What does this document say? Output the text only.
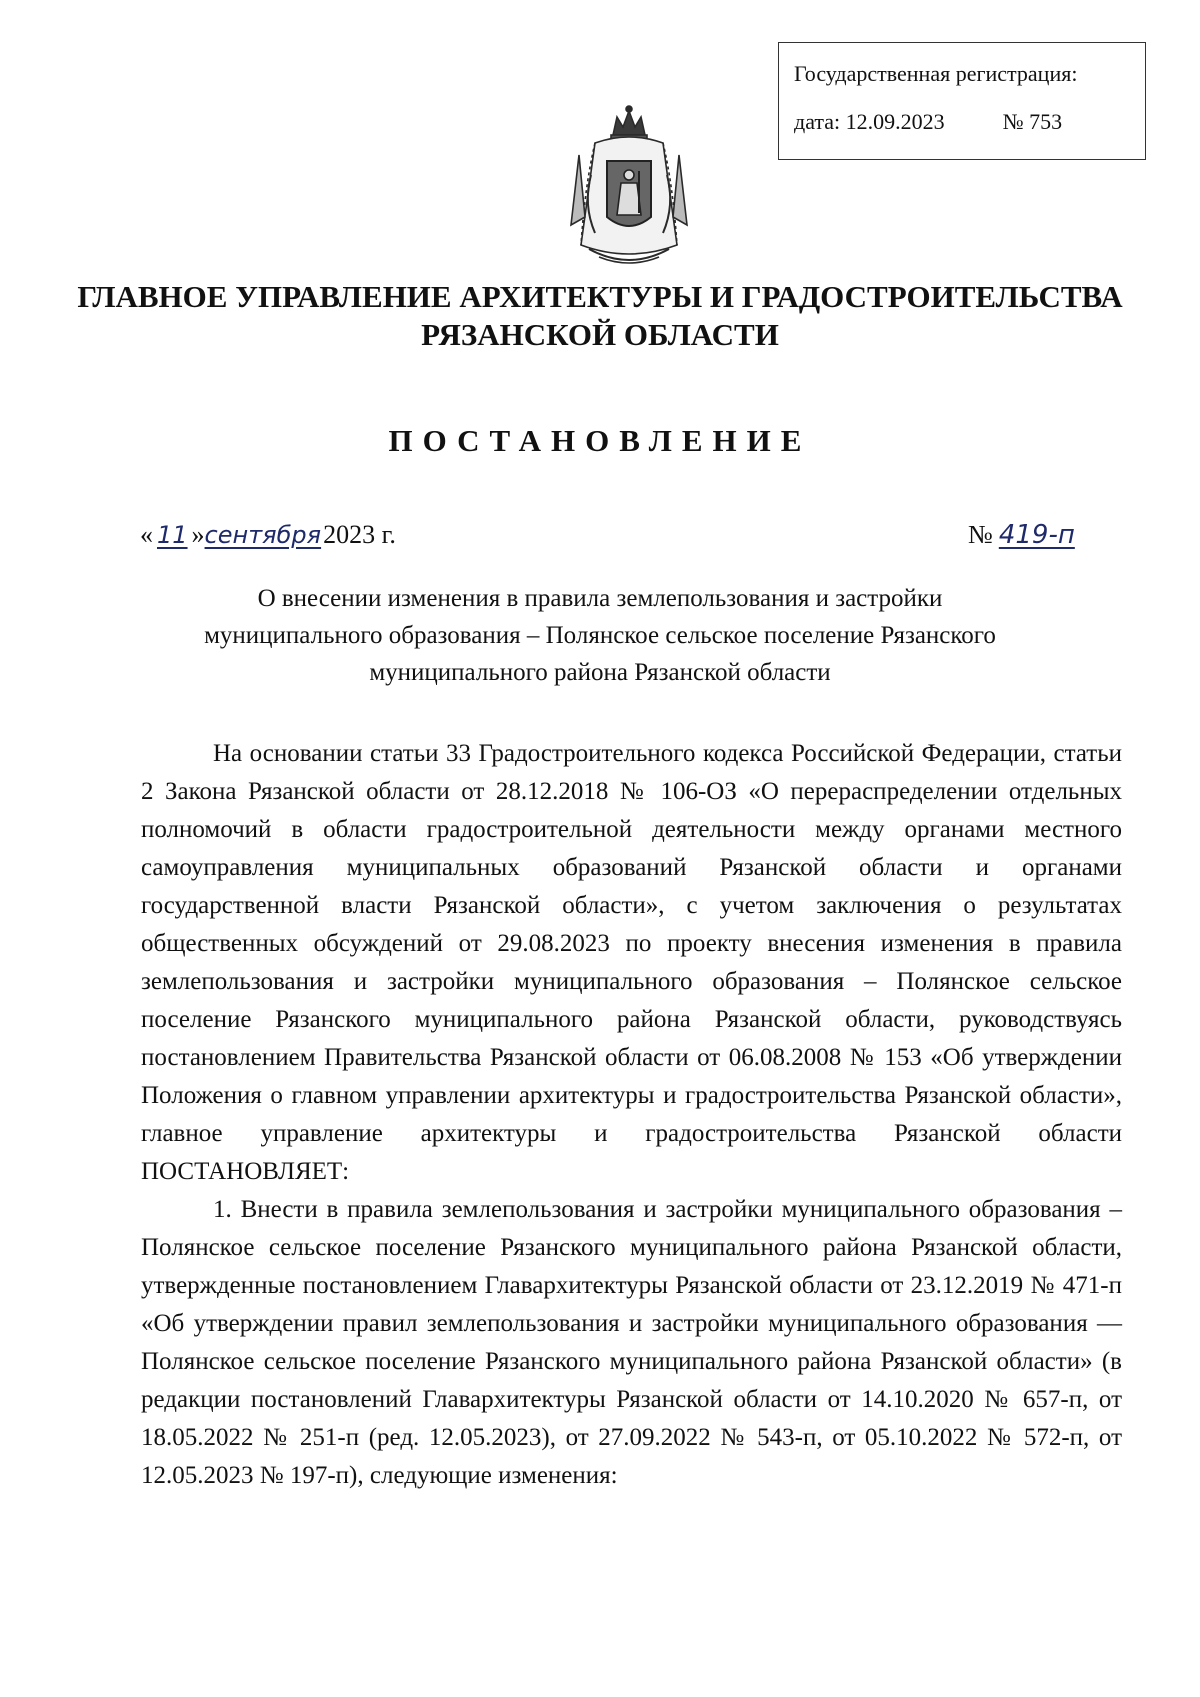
Государственная регистрация:
дата: 12.09.2023	№ 753
ГЛАВНОЕ УПРАВЛЕНИЕ АРХИТЕКТУРЫ И ГРАДОСТРОИТЕЛЬСТВА
РЯЗАНСКОЙ ОБЛАСТИ
ПОСТАНОВЛЕНИЕ
« 11 »сентября2023 г.	№ 419-п
О внесении изменения в правила землепользования и застройки
муниципального образования – Полянское сельское поселение Рязанского
муниципального района Рязанской области

На основании статьи 33 Градостроительного кодекса Российской Федерации, статьи 2 Закона Рязанской области от 28.12.2018 № 106-ОЗ «О перераспределении отдельных полномочий в области градостроительной деятельности между органами местного самоуправления муниципальных образований Рязанской области и органами государственной власти Рязанской области», с учетом заключения о результатах общественных обсуждений от 29.08.2023 по проекту внесения изменения в правила землепользования и застройки муниципального образования – Полянское сельское поселение Рязанского муниципального района Рязанской области, руководствуясь постановлением Правительства Рязанской области от 06.08.2008 № 153 «Об утверждении Положения о главном управлении архитектуры и градостроительства Рязанской области», главное управление архитектуры и градостроительства Рязанской области ПОСТАНОВЛЯЕТ:

1. Внести в правила землепользования и застройки муниципального образования – Полянское сельское поселение Рязанского муниципального района Рязанской области, утвержденные постановлением Главархитектуры Рязанской области от 23.12.2019 № 471-п «Об утверждении правил землепользования и застройки муниципального образования — Полянское сельское поселение Рязанского муниципального района Рязанской области» (в редакции постановлений Главархитектуры Рязанской области от 14.10.2020 № 657-п, от 18.05.2022 № 251-п (ред. 12.05.2023), от 27.09.2022 № 543-п, от 05.10.2022 № 572-п, от 12.05.2023 № 197-п), следующие изменения:
